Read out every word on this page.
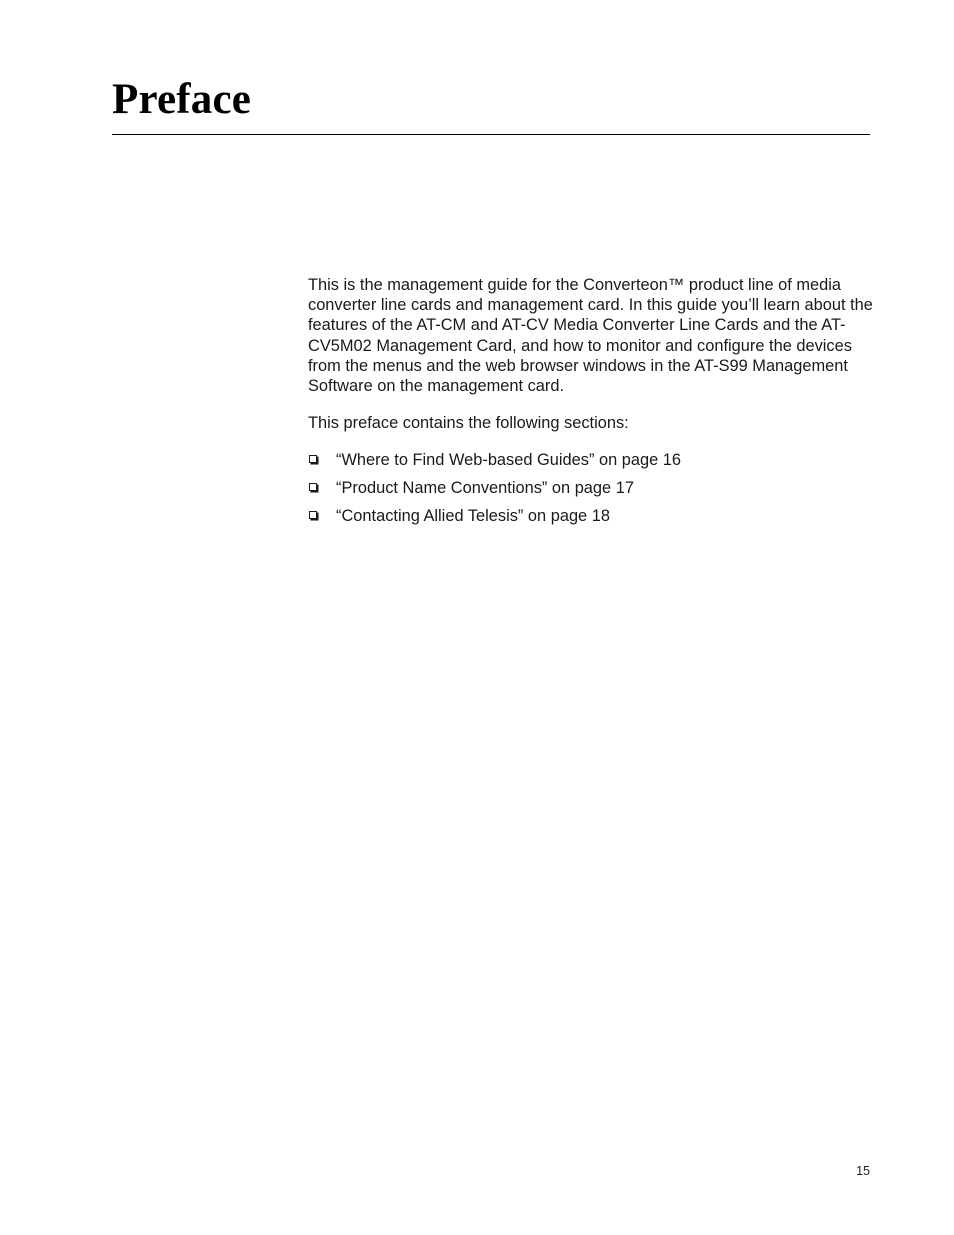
Preface

This is the management guide for the Converteon™ product line of media converter line cards and management card. In this guide you’ll learn about the features of the AT-CM and AT-CV Media Converter Line Cards and the AT-CV5M02 Management Card, and how to monitor and configure the devices from the menus and the web browser windows in the AT-S99 Management Software on the management card.

This preface contains the following sections:

“Where to Find Web-based Guides” on page 16
“Product Name Conventions” on page 17
“Contacting Allied Telesis” on page 18
15
